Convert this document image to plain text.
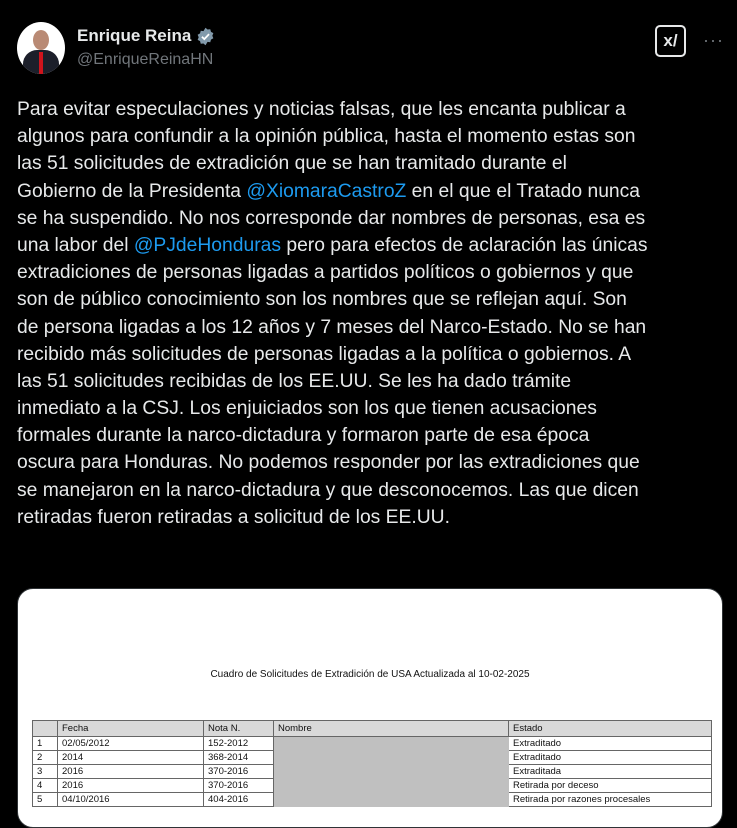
Enrique Reina
@EnriqueReinaHN
x/ ···
Para evitar especulaciones y noticias falsas, que les encanta publicar a
algunos para confundir a la opinión pública, hasta el momento estas son
las 51 solicitudes de extradición que se han tramitado durante el
Gobierno de la Presidenta @XiomaraCastroZ en el que el Tratado nunca
se ha suspendido. No nos corresponde dar nombres de personas, esa es
una labor del @PJdeHonduras pero para efectos de aclaración las únicas
extradiciones de personas ligadas a partidos políticos o gobiernos y que
son de público conocimiento son los nombres que se reflejan aquí. Son
de persona ligadas a los 12 años y 7 meses del Narco-Estado. No se han
recibido más solicitudes de personas ligadas a la política o gobiernos. A
las 51 solicitudes recibidas de los EE.UU. Se les ha dado trámite
inmediato a la CSJ. Los enjuiciados son los que tienen acusaciones
formales durante la narco-dictadura y formaron parte de esa época
oscura para Honduras. No podemos responder por las extradiciones que
se manejaron en la narco-dictadura y que desconocemos. Las que dicen
retiradas fueron retiradas a solicitud de los EE.UU.
Cuadro de Solicitudes de Extradición de USA Actualizada al 10-02-2025
	Fecha	Nota N.	Nombre	Estado
1	02/05/2012	152-2012		Extraditado
2	2014	368-2014		Extraditado
3	2016	370-2016		Extraditada
4	2016	370-2016		Retirada por deceso
5	04/10/2016	404-2016		Retirada por razones procesales
